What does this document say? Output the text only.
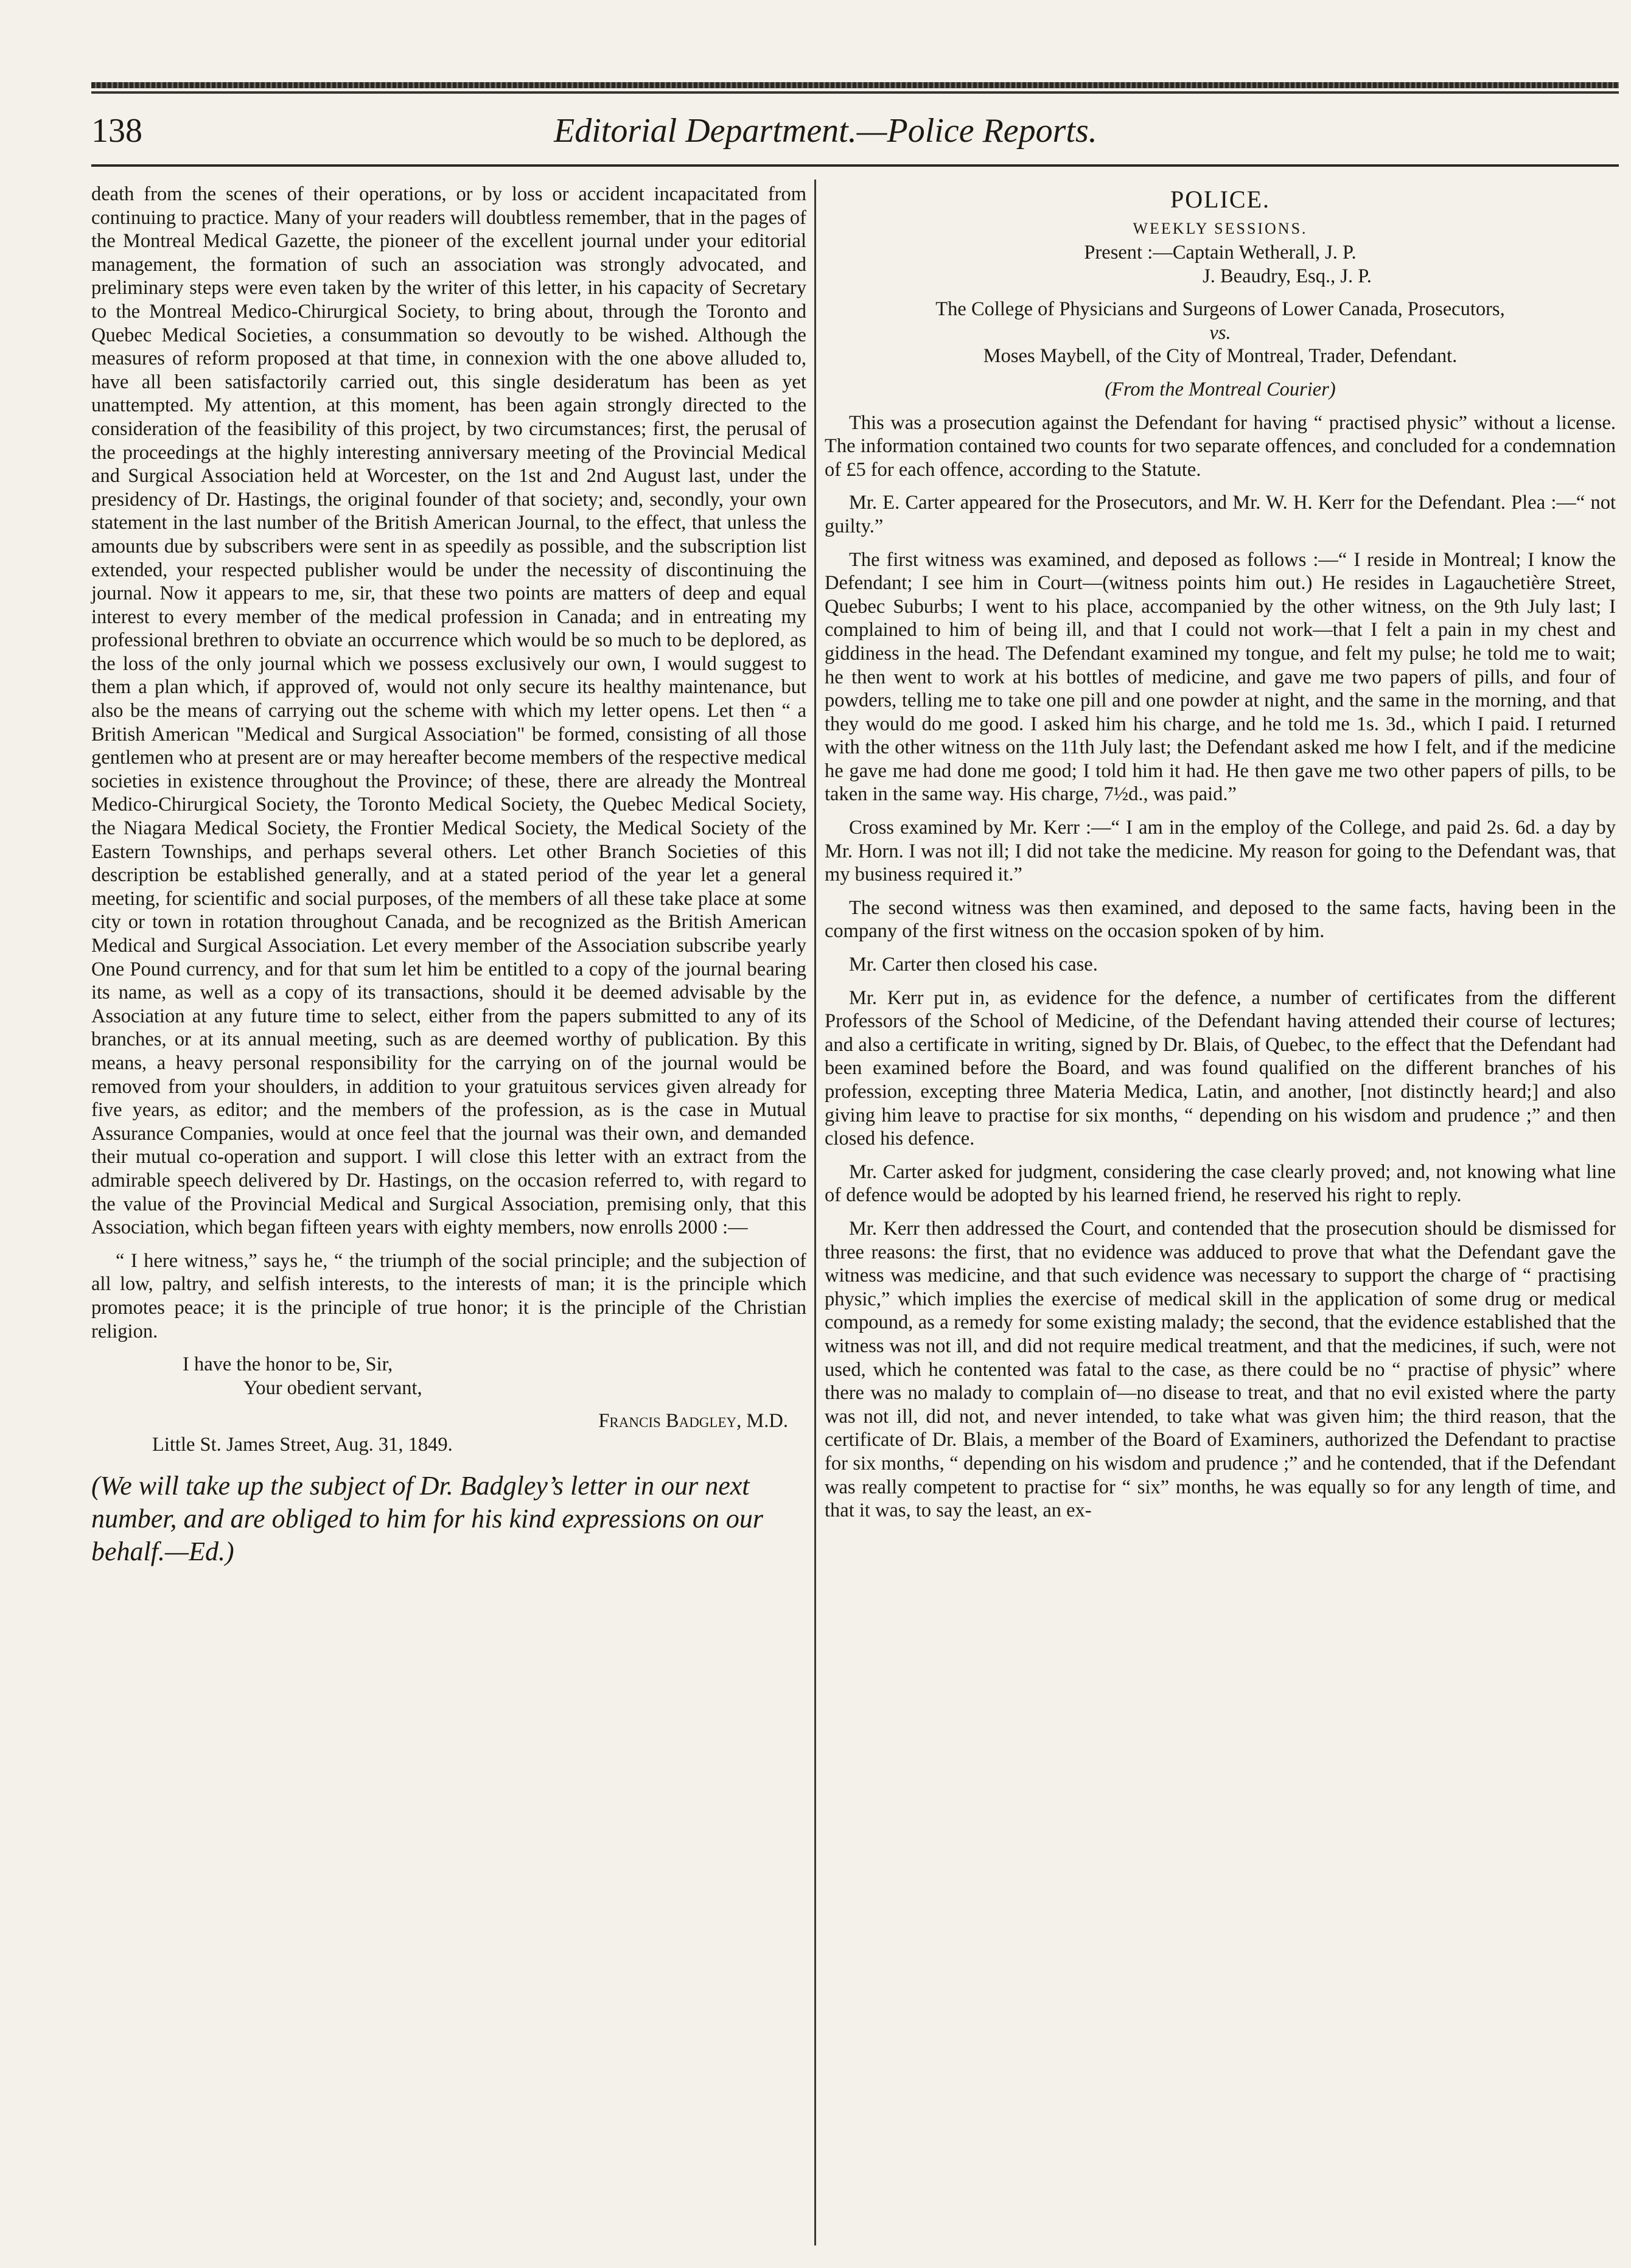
138	Editorial Department.—Police Reports.

death from the scenes of their operations, or by loss or accident incapacitated from continuing to practice. Many of your readers will doubtless remember, that in the pages of the Montreal Medical Gazette, the pioneer of the excellent journal under your editorial management, the formation of such an association was strongly advocated, and preliminary steps were even taken by the writer of this letter, in his capacity of Secretary to the Montreal Medico-Chirurgical Society, to bring about, through the Toronto and Quebec Medical Societies, a consummation so devoutly to be wished. Although the measures of reform proposed at that time, in connexion with the one above alluded to, have all been satisfactorily carried out, this single desideratum has been as yet unattempted. My attention, at this moment, has been again strongly directed to the consideration of the feasibility of this project, by two circumstances; first, the perusal of the proceedings at the highly interesting anniversary meeting of the Provincial Medical and Surgical Association held at Worcester, on the 1st and 2nd August last, under the presidency of Dr. Hastings, the original founder of that society; and, secondly, your own statement in the last number of the British American Journal, to the effect, that unless the amounts due by subscribers were sent in as speedily as possible, and the subscription list extended, your respected publisher would be under the necessity of discontinuing the journal. Now it appears to me, sir, that these two points are matters of deep and equal interest to every member of the medical profession in Canada; and in entreating my professional brethren to obviate an occurrence which would be so much to be deplored, as the loss of the only journal which we possess exclusively our own, I would suggest to them a plan which, if approved of, would not only secure its healthy maintenance, but also be the means of carrying out the scheme with which my letter opens. Let then “ a British American "Medical and Surgical Association" be formed, consisting of all those gentlemen who at present are or may hereafter become members of the respective medical societies in existence throughout the Province; of these, there are already the Montreal Medico-Chirurgical Society, the Toronto Medical Society, the Quebec Medical Society, the Niagara Medical Society, the Frontier Medical Society, the Medical Society of the Eastern Townships, and perhaps several others. Let other Branch Societies of this description be established generally, and at a stated period of the year let a general meeting, for scientific and social purposes, of the members of all these take place at some city or town in rotation throughout Canada, and be recognized as the British American Medical and Surgical Association. Let every member of the Association subscribe yearly One Pound currency, and for that sum let him be entitled to a copy of the journal bearing its name, as well as a copy of its transactions, should it be deemed advisable by the Association at any future time to select, either from the papers submitted to any of its branches, or at its annual meeting, such as are deemed worthy of publication. By this means, a heavy personal responsibility for the carrying on of the journal would be removed from your shoulders, in addition to your gratuitous services given already for five years, as editor; and the members of the profession, as is the case in Mutual Assurance Companies, would at once feel that the journal was their own, and demanded their mutual co-operation and support. I will close this letter with an extract from the admirable speech delivered by Dr. Hastings, on the occasion referred to, with regard to the value of the Provincial Medical and Surgical Association, premising only, that this Association, which began fifteen years with eighty members, now enrolls 2000 :—

“ I here witness,” says he, “ the triumph of the social principle; and the subjection of all low, paltry, and selfish interests, to the interests of man; it is the principle which promotes peace; it is the principle of true honor; it is the principle of the Christian religion.

I have the honor to be, Sir,

Your obedient servant,

Francis Badgley, M.D.

Little St. James Street, Aug. 31, 1849.

(We will take up the subject of Dr. Badgley’s letter in our next number, and are obliged to him for his kind expressions on our behalf.—Ed.)

POLICE.
WEEKLY SESSIONS.

Present :—Captain Wetherall, J. P.

J. Beaudry, Esq., J. P.

The College of Physicians and Surgeons of Lower Canada, Prosecutors,

vs.

Moses Maybell, of the City of Montreal, Trader, Defendant.

(From the Montreal Courier)

This was a prosecution against the Defendant for having “ practised physic” without a license. The information contained two counts for two separate offences, and concluded for a condemnation of £5 for each offence, according to the Statute.

Mr. E. Carter appeared for the Prosecutors, and Mr. W. H. Kerr for the Defendant. Plea :—“ not guilty.”

The first witness was examined, and deposed as follows :—“ I reside in Montreal; I know the Defendant; I see him in Court—(witness points him out.) He resides in Lagauchetière Street, Quebec Suburbs; I went to his place, accompanied by the other witness, on the 9th July last; I complained to him of being ill, and that I could not work—that I felt a pain in my chest and giddiness in the head. The Defendant examined my tongue, and felt my pulse; he told me to wait; he then went to work at his bottles of medicine, and gave me two papers of pills, and four of powders, telling me to take one pill and one powder at night, and the same in the morning, and that they would do me good. I asked him his charge, and he told me 1s. 3d., which I paid. I returned with the other witness on the 11th July last; the Defendant asked me how I felt, and if the medicine he gave me had done me good; I told him it had. He then gave me two other papers of pills, to be taken in the same way. His charge, 7½d., was paid.”

Cross examined by Mr. Kerr :—“ I am in the employ of the College, and paid 2s. 6d. a day by Mr. Horn. I was not ill; I did not take the medicine. My reason for going to the Defendant was, that my business required it.”

The second witness was then examined, and deposed to the same facts, having been in the company of the first witness on the occasion spoken of by him.

Mr. Carter then closed his case.

Mr. Kerr put in, as evidence for the defence, a number of certificates from the different Professors of the School of Medicine, of the Defendant having attended their course of lectures; and also a certificate in writing, signed by Dr. Blais, of Quebec, to the effect that the Defendant had been examined before the Board, and was found qualified on the different branches of his profession, excepting three Materia Medica, Latin, and another, [not distinctly heard;] and also giving him leave to practise for six months, “ depending on his wisdom and prudence ;” and then closed his defence.

Mr. Carter asked for judgment, considering the case clearly proved; and, not knowing what line of defence would be adopted by his learned friend, he reserved his right to reply.

Mr. Kerr then addressed the Court, and contended that the prosecution should be dismissed for three reasons: the first, that no evidence was adduced to prove that what the Defendant gave the witness was medicine, and that such evidence was necessary to support the charge of “ practising physic,” which implies the exercise of medical skill in the application of some drug or medical compound, as a remedy for some existing malady; the second, that the evidence established that the witness was not ill, and did not require medical treatment, and that the medicines, if such, were not used, which he contented was fatal to the case, as there could be no “ practise of physic” where there was no malady to complain of—no disease to treat, and that no evil existed where the party was not ill, did not, and never intended, to take what was given him; the third reason, that the certificate of Dr. Blais, a member of the Board of Examiners, authorized the Defendant to practise for six months, “ depending on his wisdom and prudence ;” and he contended, that if the Defendant was really competent to practise for “ six” months, he was equally so for any length of time, and that it was, to say the least, an ex-
